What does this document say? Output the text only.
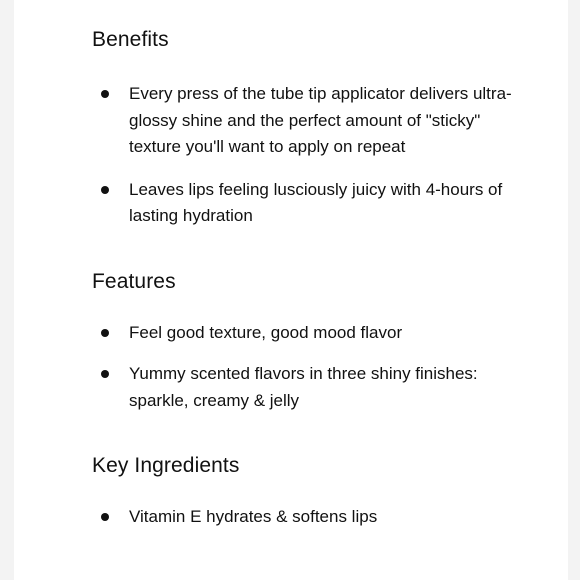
Benefits
Every press of the tube tip applicator delivers ultra-glossy shine and the perfect amount of "sticky" texture you'll want to apply on repeat
Leaves lips feeling lusciously juicy with 4-hours of lasting hydration
Features
Feel good texture, good mood flavor
Yummy scented flavors in three shiny finishes: sparkle, creamy & jelly
Key Ingredients
Vitamin E hydrates & softens lips
